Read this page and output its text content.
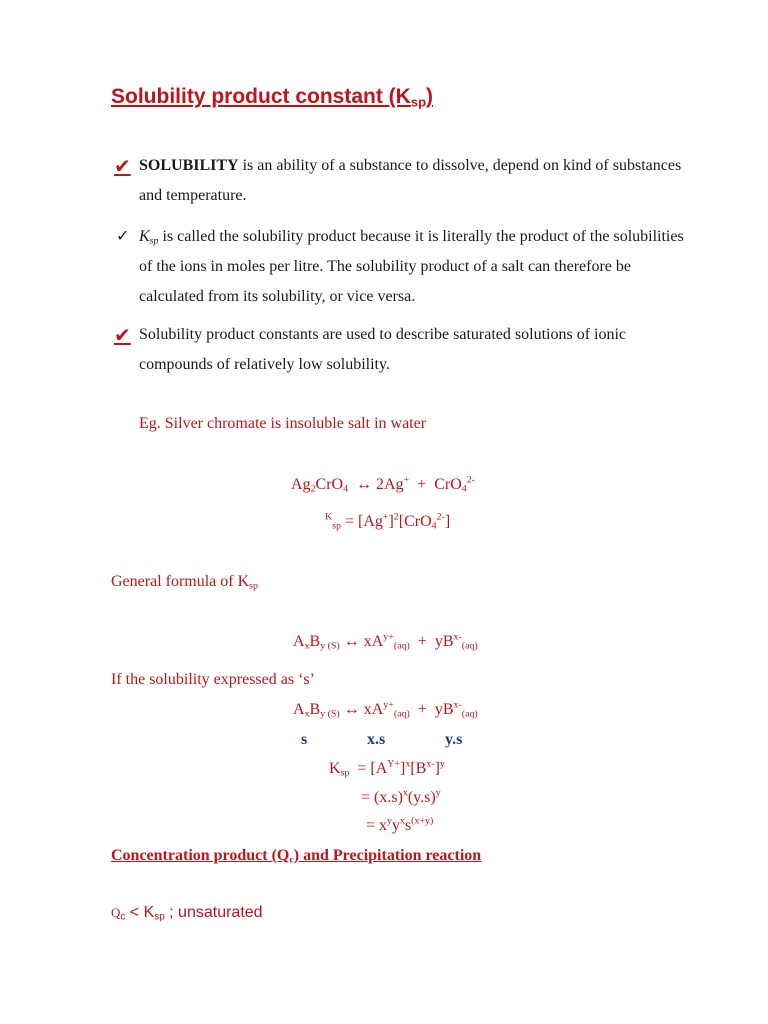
Solubility product constant $(K_{sp})$
✔ SOLUBILITY is an ability of a substance to dissolve, depend on kind of substances and temperature.
✓ $K_{sp}$ is called the solubility product because it is literally the product of the solubilities of the ions in moles per litre. The solubility product of a salt can therefore be calculated from its solubility, or vice versa.
✔ Solubility product constants are used to describe saturated solutions of ionic compounds of relatively low solubility.
Eg. Silver chromate is insoluble salt in water
$Ag_2CrO_4$  ↔ 2Ag+  +  CrO$_4^{2-}$
$^K_{sp} = [Ag^+]^2[CrO_4^{2-}]$
General formula of $K_{sp}$
$A_xB_{y (S)}$ ↔ $xA^{y+}_{(aq)} + yB^{x-}_{(aq)}$
If the solubility expressed as ‘s’
$A_xB_{y (S)}$ ↔ $xA^{y+}_{(aq)} + yB^{x-}_{(aq)}$
s	x.s	y.s
$K_{sp} = [A^{Y+}]^x[B^{x-}]^y$
= $(x.s)^x(y.s)^y$
= $x^yy^xs^{(x+y)}$
Concentration product $(Q_c)$ and Precipitation reaction
$Q_c < K_{sp}$ ; unsaturated
